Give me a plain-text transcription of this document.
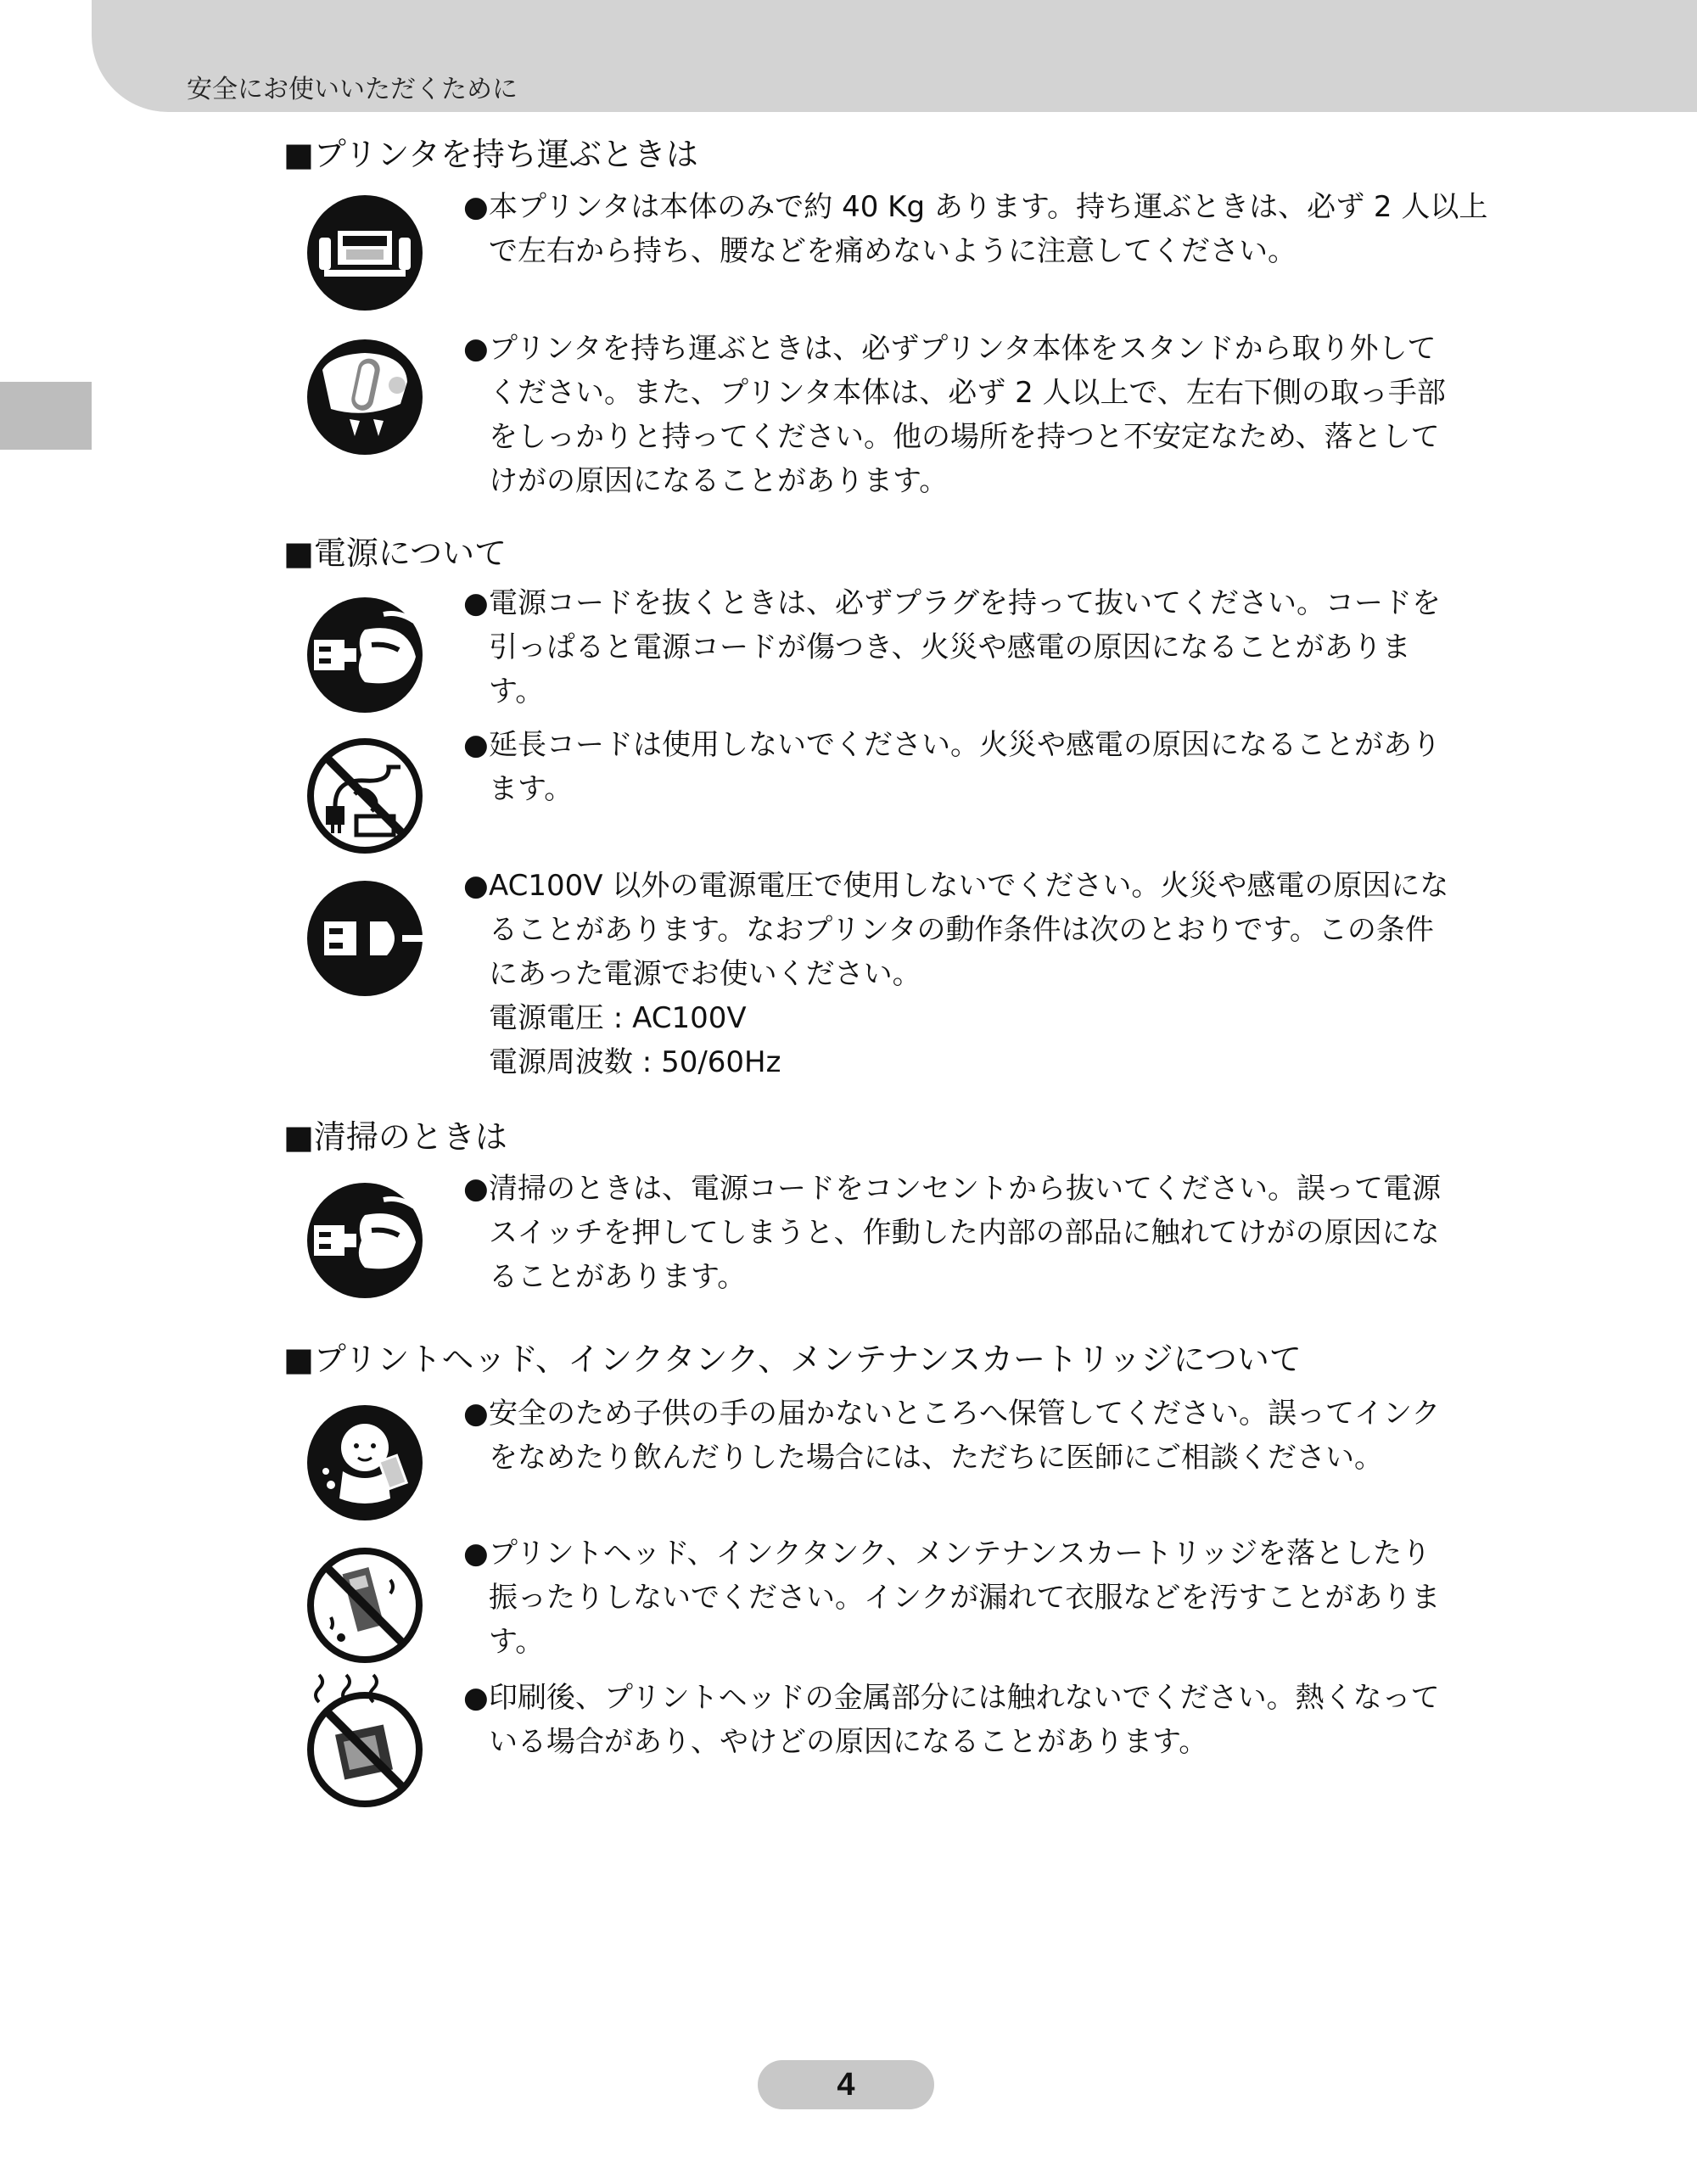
安全にお使いいただくために
■プリンタを持ち運ぶときは
● 本プリンタは本体のみで約 40 Kg あります。持ち運ぶときは、必ず 2 人以上
で左右から持ち、腰などを痛めないように注意してください。
● プリンタを持ち運ぶときは、必ずプリンタ本体をスタンドから取り外して
ください。また、プリンタ本体は、必ず 2 人以上で、左右下側の取っ手部
をしっかりと持ってください。他の場所を持つと不安定なため、落として
けがの原因になることがあります。
■電源について
● 電源コードを抜くときは、必ずプラグを持って抜いてください。コードを
引っぱると電源コードが傷つき、火災や感電の原因になることがありま
す。
● 延長コードは使用しないでください。火災や感電の原因になることがあり
ます。
● AC100V 以外の電源電圧で使用しないでください。火災や感電の原因にな
ることがあります。なおプリンタの動作条件は次のとおりです。この条件
にあった電源でお使いください。
電源電圧 : AC100V
電源周波数 : 50/60Hz
■清掃のときは
● 清掃のときは、電源コードをコンセントから抜いてください。誤って電源
スイッチを押してしまうと、作動した内部の部品に触れてけがの原因にな
ることがあります。
■プリントヘッド、インクタンク、メンテナンスカートリッジについて
● 安全のため子供の手の届かないところへ保管してください。誤ってインク
をなめたり飲んだりした場合には、ただちに医師にご相談ください。
● プリントヘッド、インクタンク、メンテナンスカートリッジを落としたり
振ったりしないでください。インクが漏れて衣服などを汚すことがありま
す。
● 印刷後、プリントヘッドの金属部分には触れないでください。熱くなって
いる場合があり、やけどの原因になることがあります。
4
